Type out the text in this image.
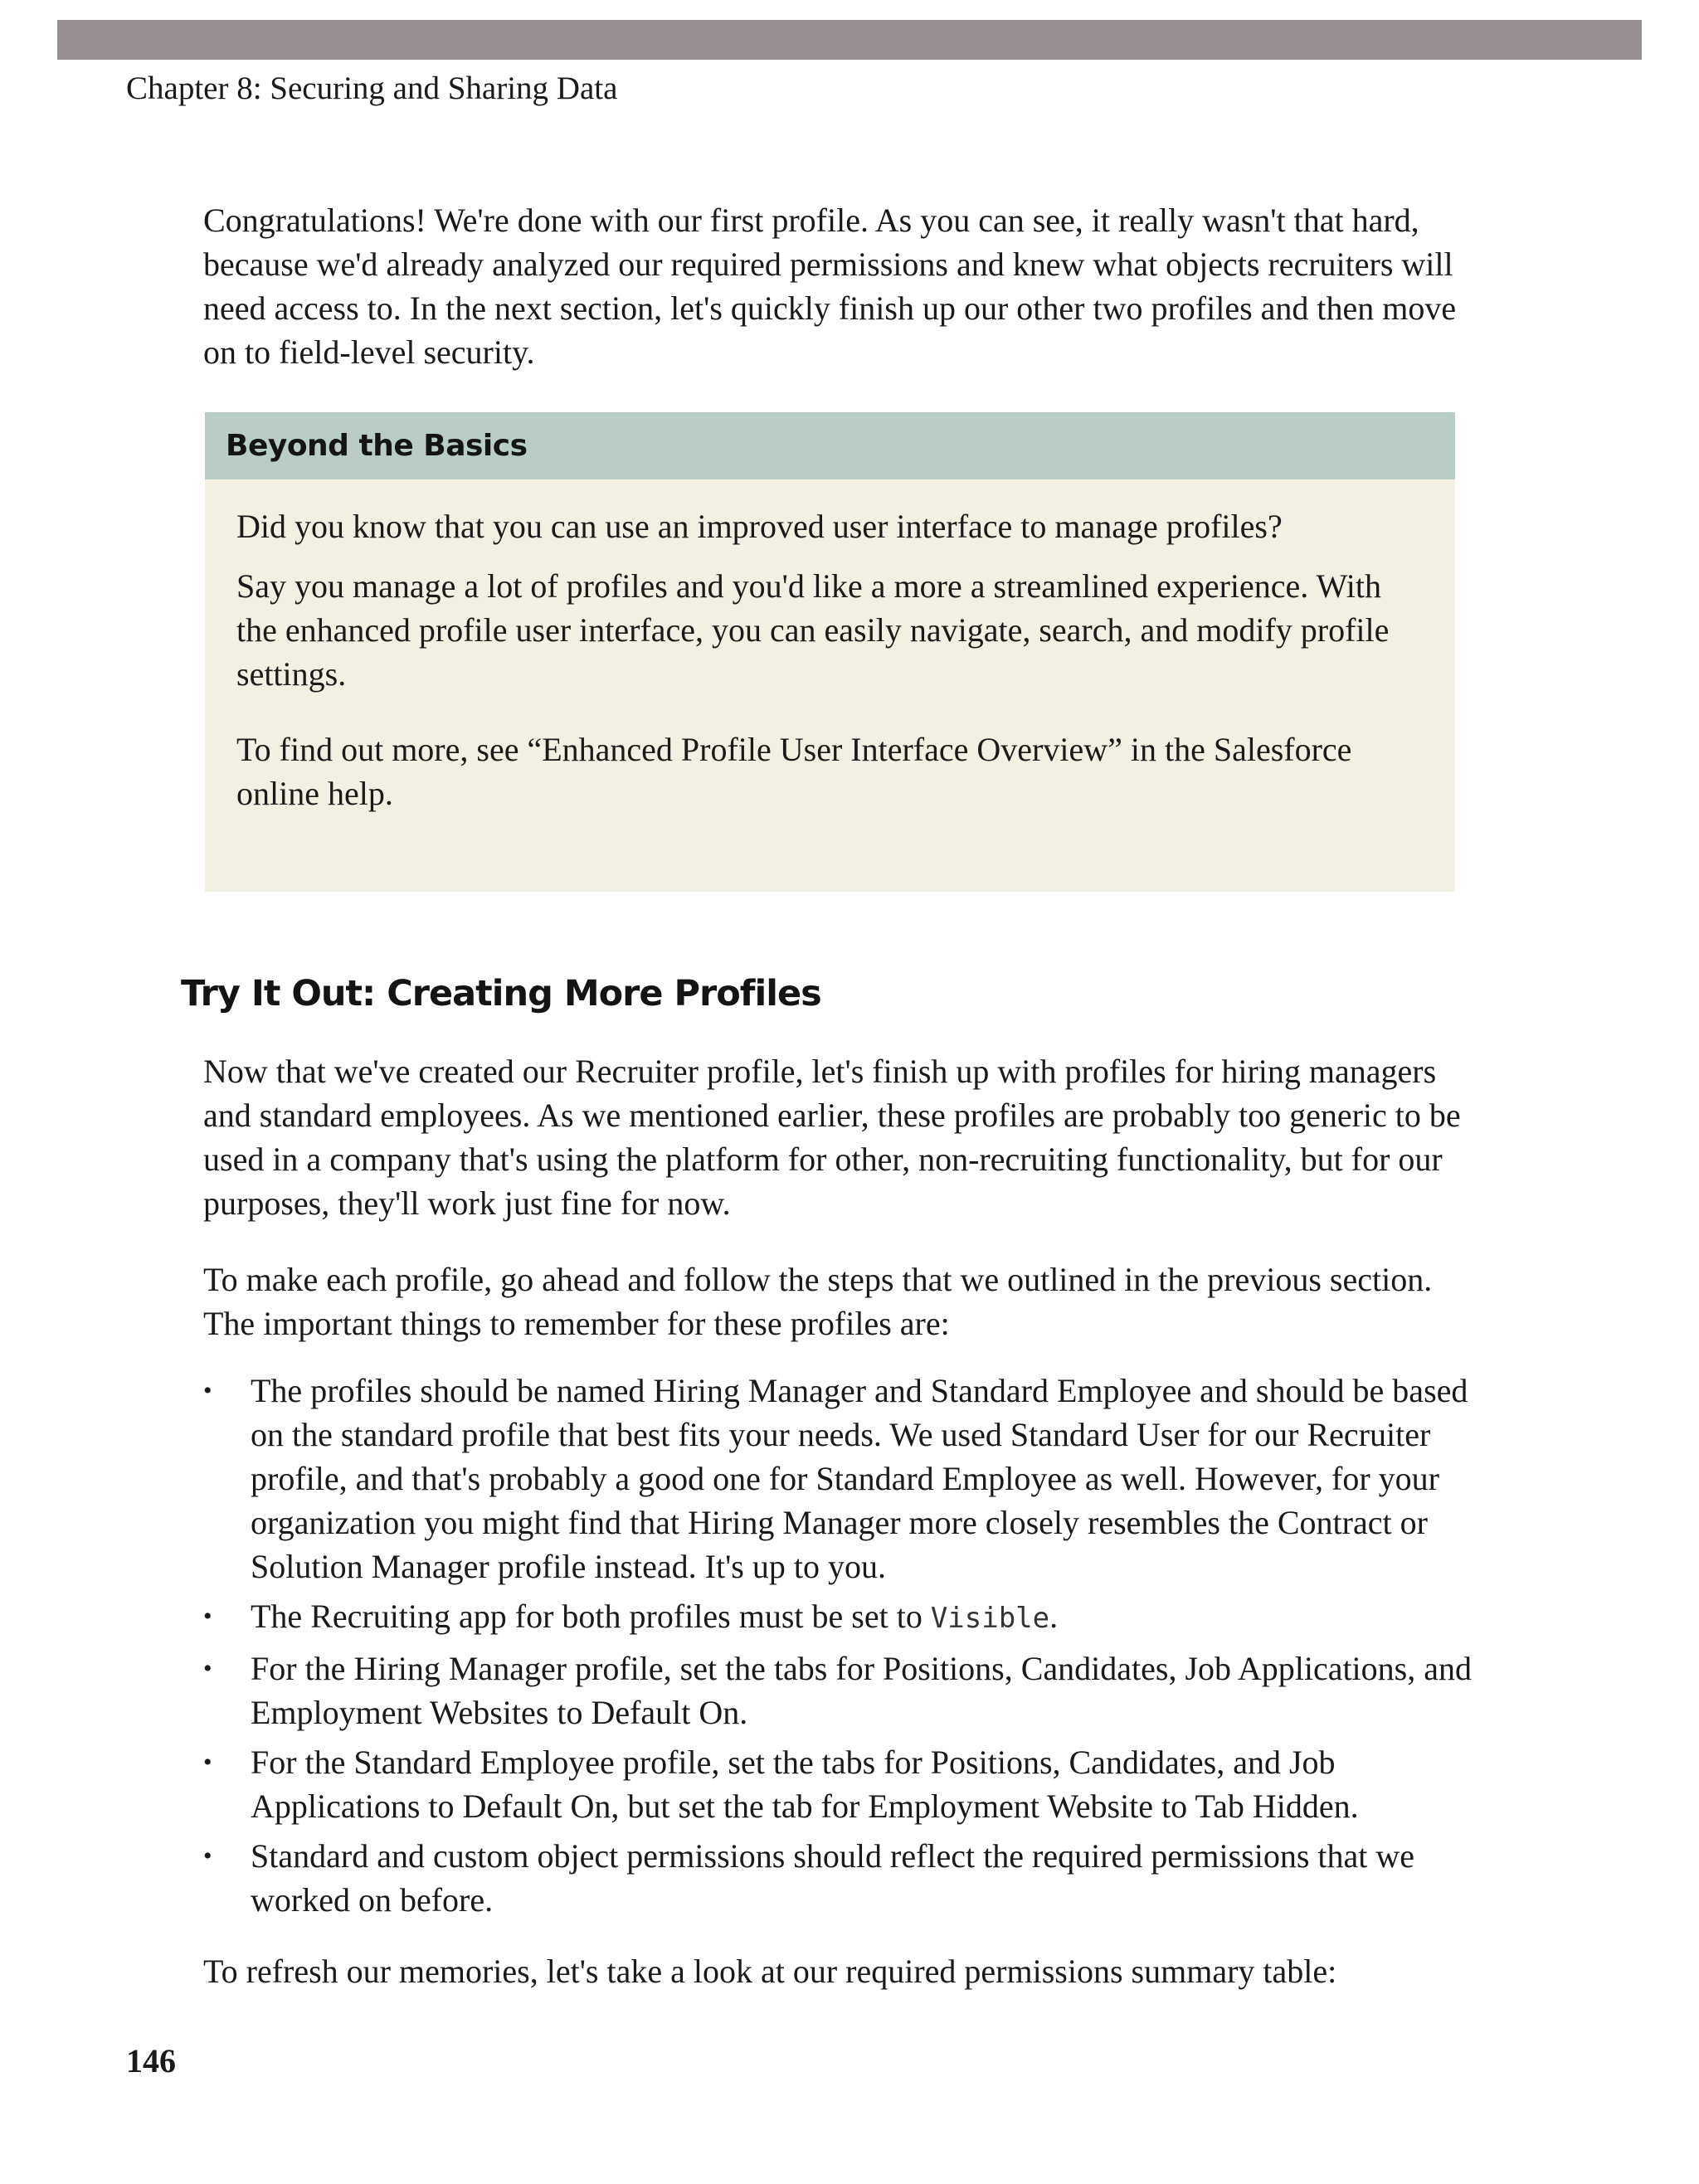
Chapter 8: Securing and Sharing Data

Congratulations! We're done with our first profile. As you can see, it really wasn't that hard, because we'd already analyzed our required permissions and knew what objects recruiters will need access to. In the next section, let's quickly finish up our other two profiles and then move on to field-level security.

Beyond the Basics

Did you know that you can use an improved user interface to manage profiles?

Say you manage a lot of profiles and you'd like a more a streamlined experience. With the enhanced profile user interface, you can easily navigate, search, and modify profile settings.

To find out more, see “Enhanced Profile User Interface Overview” in the Salesforce online help.

Try It Out: Creating More Profiles

Now that we've created our Recruiter profile, let's finish up with profiles for hiring managers and standard employees. As we mentioned earlier, these profiles are probably too generic to be used in a company that's using the platform for other, non-recruiting functionality, but for our purposes, they'll work just fine for now.

To make each profile, go ahead and follow the steps that we outlined in the previous section. The important things to remember for these profiles are:

• The profiles should be named Hiring Manager and Standard Employee and should be based on the standard profile that best fits your needs. We used Standard User for our Recruiter profile, and that's probably a good one for Standard Employee as well. However, for your organization you might find that Hiring Manager more closely resembles the Contract or Solution Manager profile instead. It's up to you.
• The Recruiting app for both profiles must be set to Visible.
• For the Hiring Manager profile, set the tabs for Positions, Candidates, Job Applications, and Employment Websites to Default On.
• For the Standard Employee profile, set the tabs for Positions, Candidates, and Job Applications to Default On, but set the tab for Employment Website to Tab Hidden.
• Standard and custom object permissions should reflect the required permissions that we worked on before.

To refresh our memories, let's take a look at our required permissions summary table:

146
